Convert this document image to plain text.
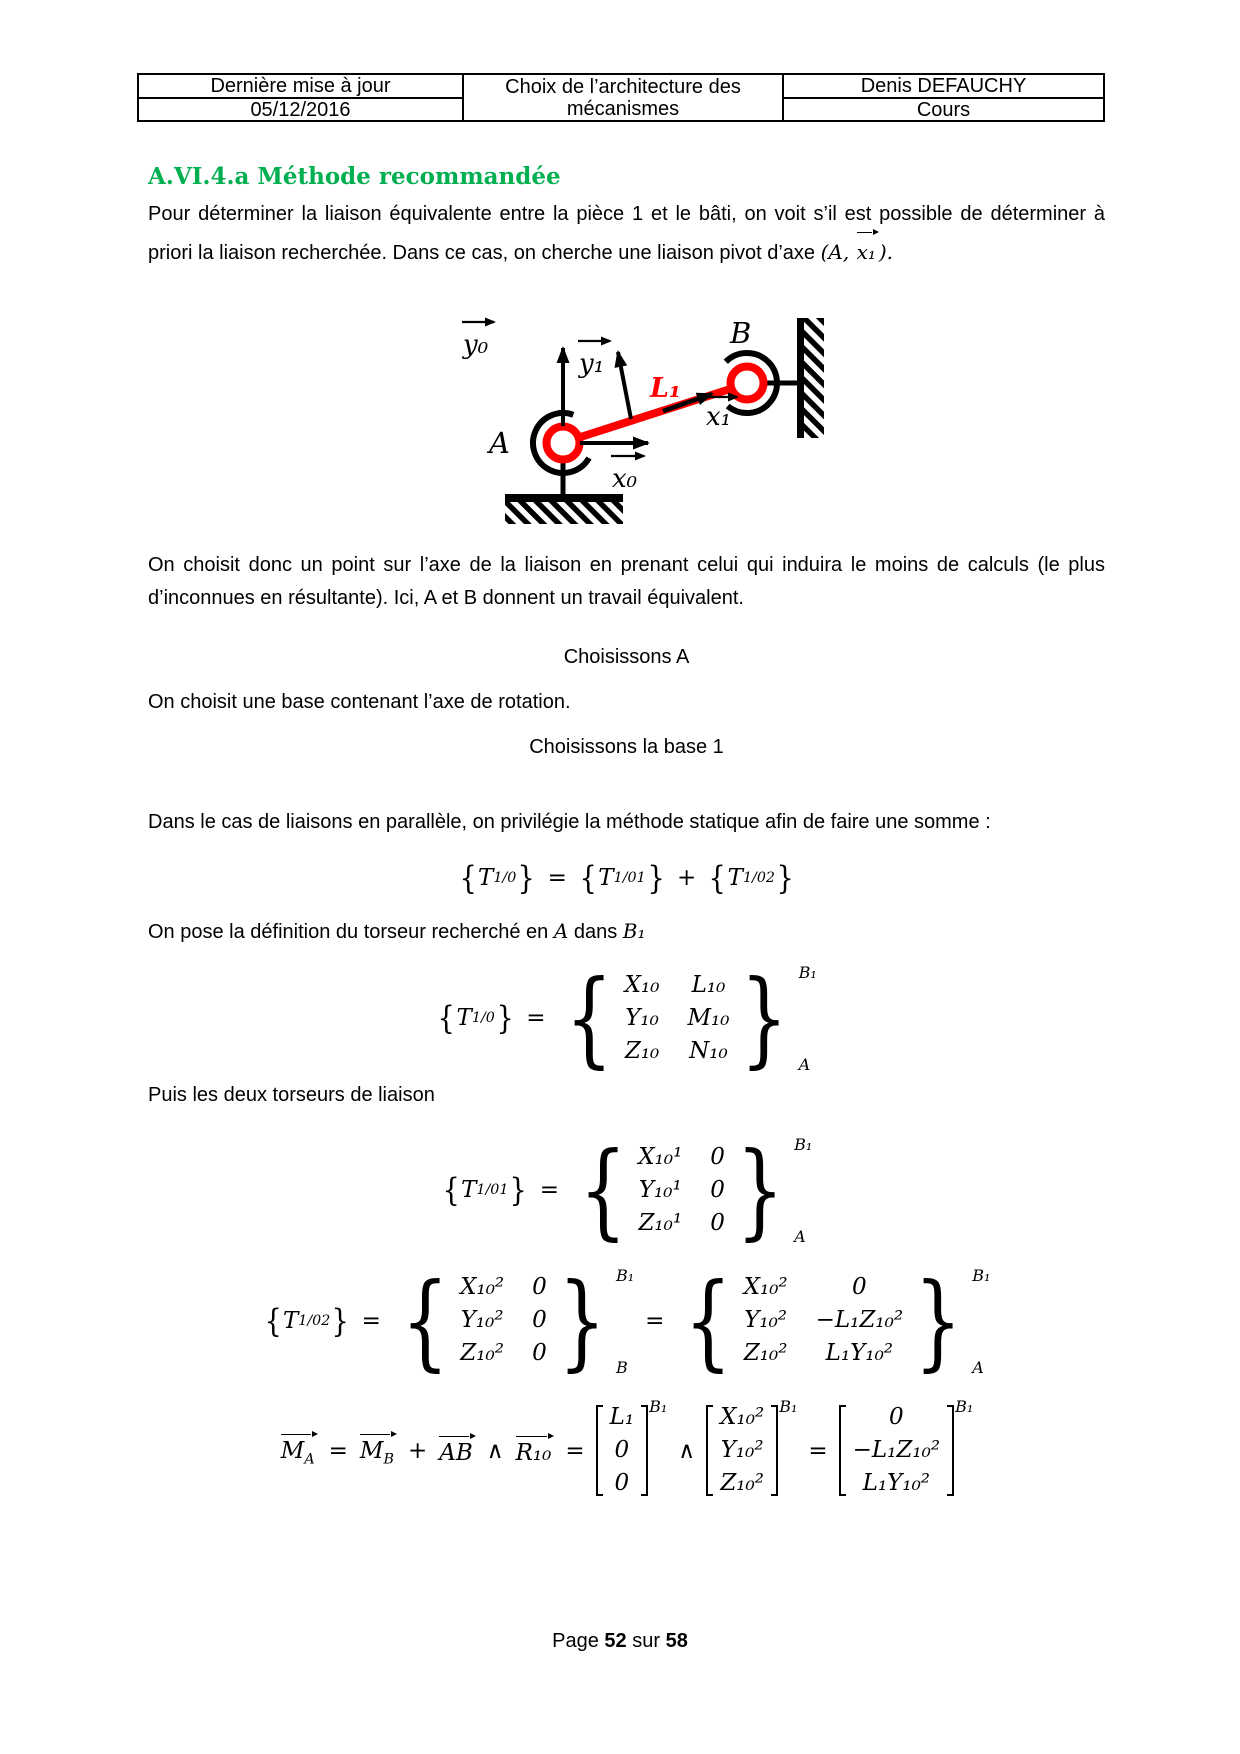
Dernière mise à jour
05/12/2016
Choix de l’architecture des
mécanismes
Denis DEFAUCHY
Cours
A.VI.4.a Méthode recommandée

Pour déterminer la liaison équivalente entre la pièce 1 et le bâti, on voit s’il est possible de déterminer à priori la liaison recherchée. Dans ce cas, on cherche une liaison pivot d’axe (A, x₁ ).

A
B
L₁
y₀
y₁
x₀
x₁

On choisit donc un point sur l’axe de la liaison en prenant celui qui induira le moins de calculs (le plus d’inconnues en résultante). Ici, A et B donnent un travail équivalent.

Choisissons A

On choisit une base contenant l’axe de rotation.

Choisissons la base 1

Dans le cas de liaisons en parallèle, on privilégie la méthode statique afin de faire une somme :

{ T 1/0 } = { T 1/0 1 } + { T 1/0 2 }

On pose la définition du torseur recherché en A dans B₁

{ T 1/0 } = { X₁₀ L₁₀
Y₁₀ M₁₀
Z₁₀ N₁₀ } B₁
A

Puis les deux torseurs de liaison

{ T 1/0 1 } = { X₁₀¹ 0
Y₁₀¹ 0
Z₁₀¹ 0 } B₁
A
{ T 1/0 2 } = { X₁₀² 0
Y₁₀² 0
Z₁₀² 0 } B₁
B
= { X₁₀²	0
Y₁₀² −L₁Z₁₀²
Z₁₀² L₁Y₁₀² } B₁
A
$M_A = M_B$ + AB ∧ R₁₀ =
L₁
0
0
B₁
∧
X₁₀²
Y₁₀²
Z₁₀²
B₁
=
0
−L₁Z₁₀²
L₁Y₁₀²
B₁
Page 52 sur 58
